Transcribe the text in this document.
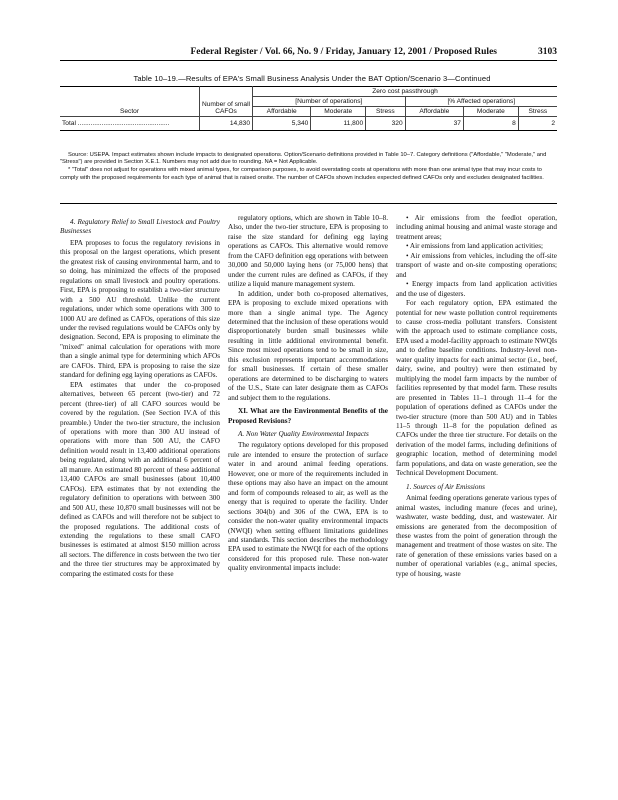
Federal Register / Vol. 66, No. 9 / Friday, January 12, 2001 / Proposed Rules	3103
Table 10–19.—Results of EPA's Small Business Analysis Under the BAT Option/Scenario 3—Continued
Sector	Number of small CAFOs	Zero cost passthrough					
		[Number of operations]			[% Affected operations]		
		Affordable	Moderate	Stress	Affordable	Moderate	Stress
Total ..................................................	14,830	5,340	11,800	320	37	8	2

Source: USEPA. Impact estimates shown include impacts to designated operations. Option/Scenario definitions provided in Table 10–7. Category definitions ("Affordable," "Moderate," and "Stress") are provided in Section X.E.1. Numbers may not add due to rounding. NA = Not Applicable.

* "Total" does not adjust for operations with mixed animal types, for comparison purposes, to avoid overstating costs at operations with more than one animal type that may incur costs to comply with the proposed requirements for each type of animal that is raised onsite. The number of CAFOs shown includes expected defined CAFOs only and excludes designated facilities.

4. Regulatory Relief to Small Livestock and Poultry Businesses

EPA proposes to focus the regulatory revisions in this proposal on the largest operations, which present the greatest risk of causing environmental harm, and to so doing, has minimized the effects of the proposed regulations on small livestock and poultry operations. First, EPA is proposing to establish a two-tier structure with a 500 AU threshold. Unlike the current regulations, under which some operations with 300 to 1000 AU are defined as CAFOs, operations of this size under the revised regulations would be CAFOs only by designation. Second, EPA is proposing to eliminate the "mixed" animal calculation for operations with more than a single animal type for determining which AFOs are CAFOs. Third, EPA is proposing to raise the size standard for defining egg laying operations as CAFOs.

EPA estimates that under the co-proposed alternatives, between 65 percent (two-tier) and 72 percent (three-tier) of all CAFO sources would be covered by the regulation. (See Section IV.A of this preamble.) Under the two-tier structure, the inclusion of operations with more than 300 AU instead of operations with more than 500 AU, the CAFO definition would result in 13,400 additional operations being regulated, along with an additional 6 percent of all manure. An estimated 80 percent of these additional 13,400 CAFOs are small businesses (about 10,400 CAFOs). EPA estimates that by not extending the regulatory definition to operations with between 300 and 500 AU, these 10,870 small businesses will not be defined as CAFOs and will therefore not be subject to the proposed regulations. The additional costs of extending the regulations to these small CAFO businesses is estimated at almost $150 million across all sectors. The difference in costs between the two tier and the three tier structures may be approximated by comparing the estimated costs for these

regulatory options, which are shown in Table 10–8. Also, under the two-tier structure, EPA is proposing to raise the size standard for defining egg laying operations as CAFOs. This alternative would remove from the CAFO definition egg operations with between 30,000 and 50,000 laying hens (or 75,000 hens) that under the current rules are defined as CAFOs, if they utilize a liquid manure management system.

In addition, under both co-proposed alternatives, EPA is proposing to exclude mixed operations with more than a single animal type. The Agency determined that the inclusion of these operations would disproportionately burden small businesses while resulting in little additional environmental benefit. Since most mixed operations tend to be small in size, this exclusion represents important accommodations for small businesses. If certain of these smaller operations are determined to be discharging to waters of the U.S., State can later designate them as CAFOs and subject them to the regulations.

XI. What are the Environmental Benefits of the Proposed Revisions?
A. Non Water Quality Environmental Impacts

The regulatory options developed for this proposed rule are intended to ensure the protection of surface water in and around animal feeding operations. However, one or more of the requirements included in these options may also have an impact on the amount and form of compounds released to air, as well as the energy that is required to operate the facility. Under sections 304(b) and 306 of the CWA, EPA is to consider the non-water quality environmental impacts (NWQI) when setting effluent limitations guidelines and standards. This section describes the methodology EPA used to estimate the NWQI for each of the options considered for this proposed rule. These non-water quality environmental impacts include:

• Air emissions from the feedlot operation, including animal housing and animal waste storage and treatment areas;

• Air emissions from land application activities;

• Air emissions from vehicles, including the off-site transport of waste and on-site composting operations; and

• Energy impacts from land application activities and the use of digesters.

For each regulatory option, EPA estimated the potential for new waste pollution control requirements to cause cross-media pollutant transfers. Consistent with the approach used to estimate compliance costs, EPA used a model-facility approach to estimate NWQIs and to define baseline conditions. Industry-level non-water quality impacts for each animal sector (i.e., beef, dairy, swine, and poultry) were then estimated by multiplying the model farm impacts by the number of facilities represented by that model farm. These results are presented in Tables 11–1 through 11–4 for the population of operations defined as CAFOs under the two-tier structure (more than 500 AU) and in Tables 11–5 through 11–8 for the population defined as CAFOs under the three tier structure. For details on the derivation of the model farms, including definitions of geographic location, method of determining model farm populations, and data on waste generation, see the Technical Development Document.

1. Sources of Air Emissions

Animal feeding operations generate various types of animal wastes, including manure (feces and urine), washwater, waste bedding, dust, and wastewater. Air emissions are generated from the decomposition of these wastes from the point of generation through the management and treatment of those wastes on site. The rate of generation of these emissions varies based on a number of operational variables (e.g., animal species, type of housing, waste
